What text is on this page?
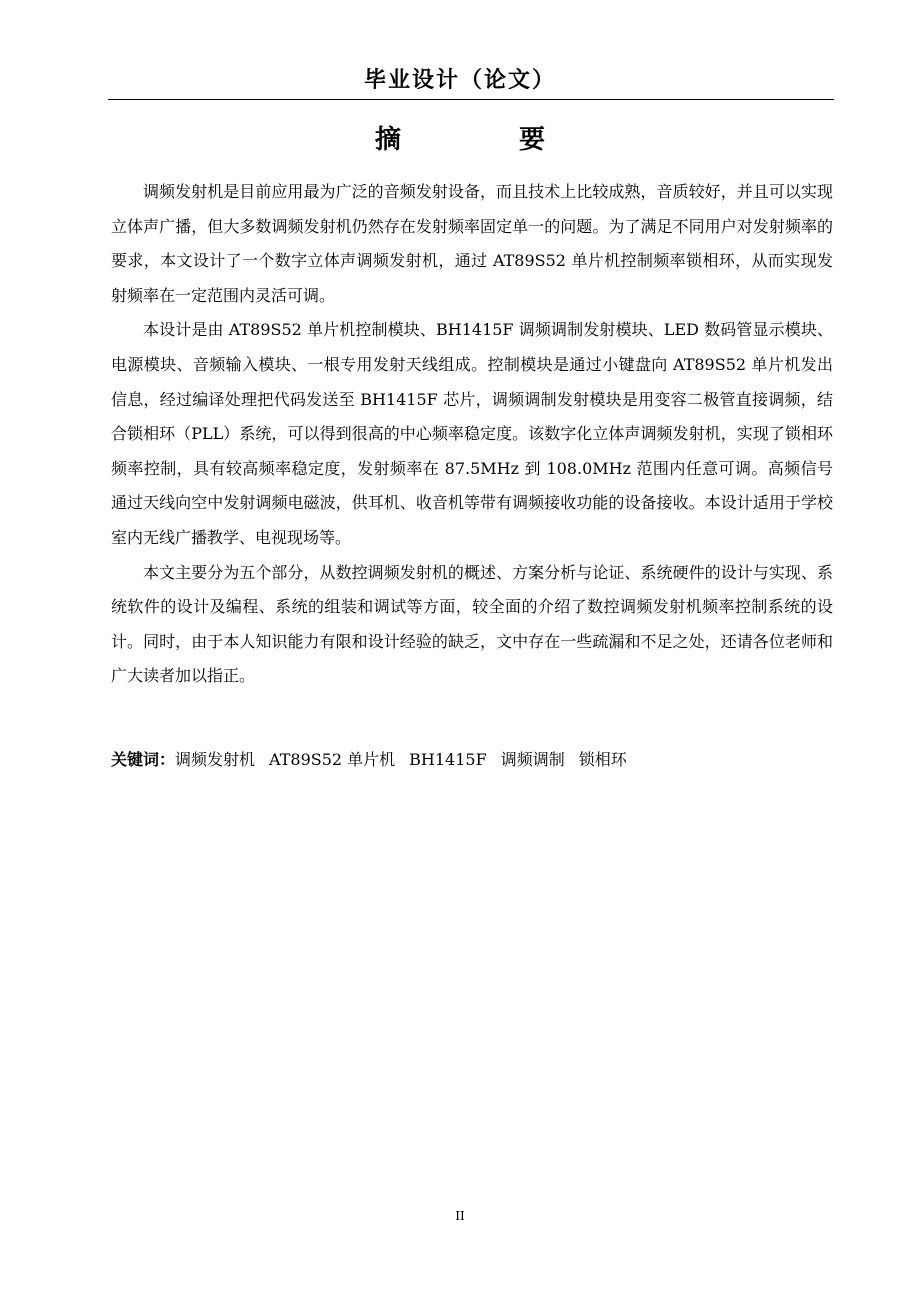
毕业设计（论文）
摘　要

调频发射机是目前应用最为广泛的音频发射设备，而且技术上比较成熟，音质较好，并且可以实现立体声广播，但大多数调频发射机仍然存在发射频率固定单一的问题。为了满足不同用户对发射频率的要求，本文设计了一个数字立体声调频发射机，通过 AT89S52 单片机控制频率锁相环，从而实现发射频率在一定范围内灵活可调。

本设计是由 AT89S52 单片机控制模块、BH1415F 调频调制发射模块、LED 数码管显示模块、电源模块、音频输入模块、一根专用发射天线组成。控制模块是通过小键盘向 AT89S52 单片机发出信息，经过编译处理把代码发送至 BH1415F 芯片，调频调制发射模块是用变容二极管直接调频，结合锁相环（PLL）系统，可以得到很高的中心频率稳定度。该数字化立体声调频发射机，实现了锁相环频率控制，具有较高频率稳定度，发射频率在 87.5MHz 到 108.0MHz 范围内任意可调。高频信号通过天线向空中发射调频电磁波，供耳机、收音机等带有调频接收功能的设备接收。本设计适用于学校室内无线广播教学、电视现场等。

本文主要分为五个部分，从数控调频发射机的概述、方案分析与论证、系统硬件的设计与实现、系统软件的设计及编程、系统的组装和调试等方面，较全面的介绍了数控调频发射机频率控制系统的设计。同时，由于本人知识能力有限和设计经验的缺乏，文中存在一些疏漏和不足之处，还请各位老师和广大读者加以指正。

关键词：调频发射机 AT89S52 单片机 BH1415F 调频调制 锁相环
II
